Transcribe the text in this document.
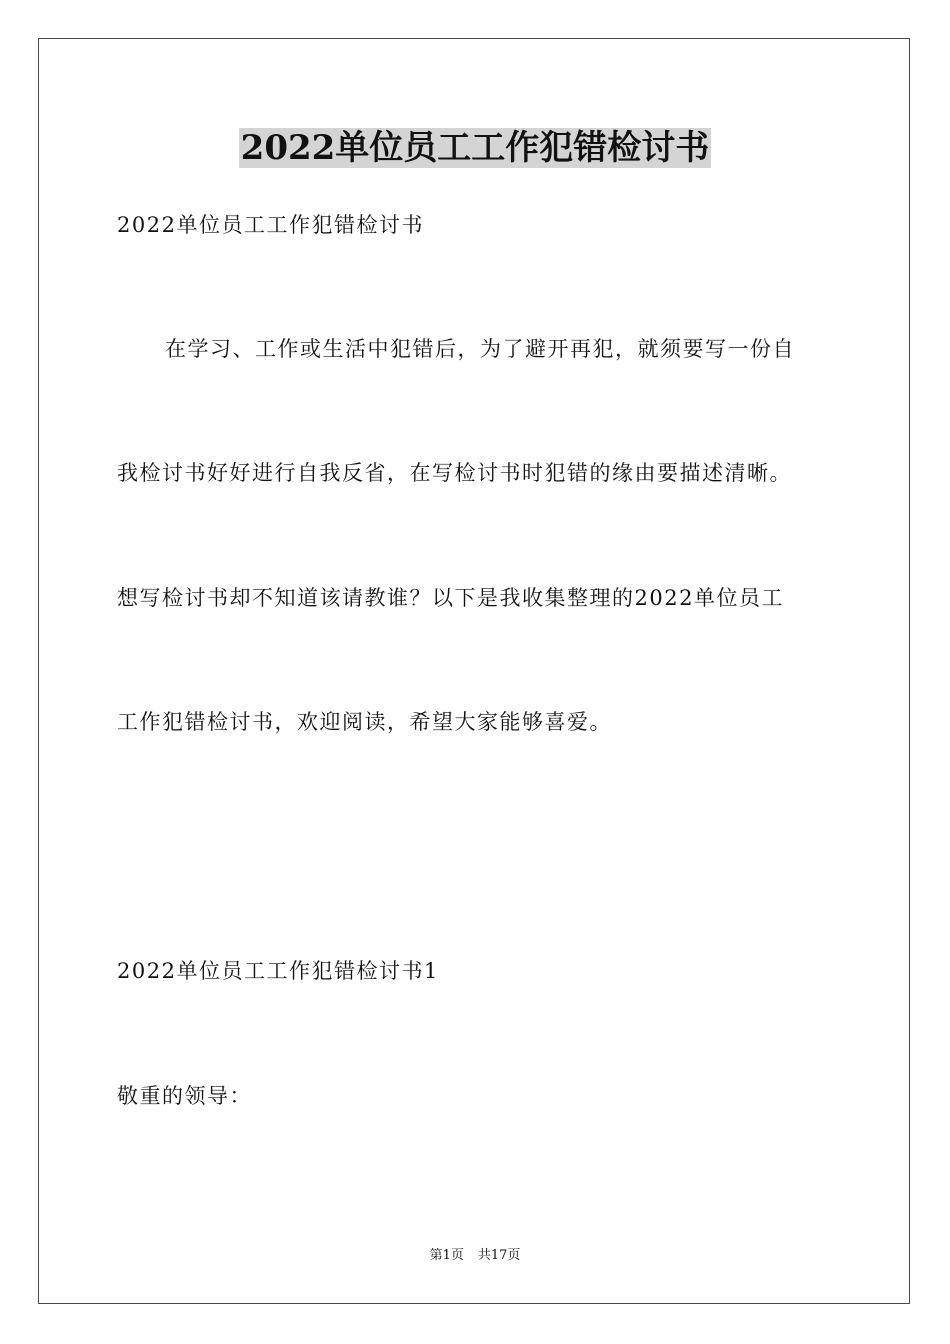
2022单位员工工作犯错检讨书
2022单位员工工作犯错检讨书
在学习、工作或生活中犯错后，为了避开再犯，就须要写一份自
我检讨书好好进行自我反省，在写检讨书时犯错的缘由要描述清晰。
想写检讨书却不知道该请教谁？以下是我收集整理的2022单位员工
工作犯错检讨书，欢迎阅读，希望大家能够喜爱。
2022单位员工工作犯错检讨书1
敬重的领导：
第1页 共17页
